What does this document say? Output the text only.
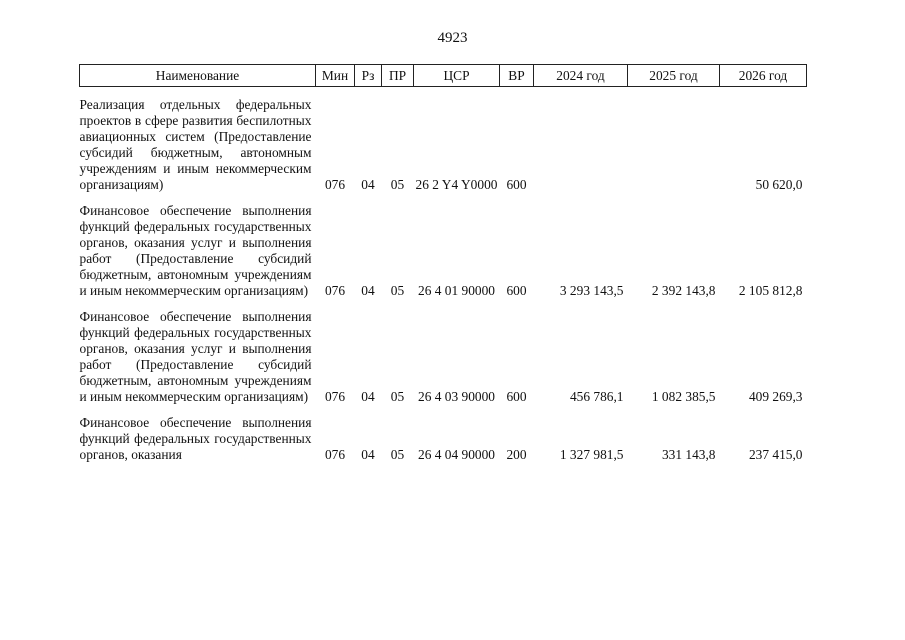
4923
Наименование	Мин	Рз	ПР	ЦСР	ВР	2024 год	2025 год	2026 год

Реализация отдельных федеральных проектов в сфере развития беспилотных авиационных систем (Предоставление субсидий бюджетным, автономным учреждениям и иным некоммерческим организациям)	076	04	05	26 2 Y4 Y0000	600			50 620,0

Финансовое обеспечение выполнения функций федеральных государственных органов, оказания услуг и выполнения работ (Предоставление субсидий бюджетным, автономным учреждениям и иным некоммерческим организациям)	076	04	05	26 4 01 90000	600	3 293 143,5	2 392 143,8	2 105 812,8

Финансовое обеспечение выполнения функций федеральных государственных органов, оказания услуг и выполнения работ (Предоставление субсидий бюджетным, автономным учреждениям и иным некоммерческим организациям)	076	04	05	26 4 03 90000	600	456 786,1	1 082 385,5	409 269,3

Финансовое обеспечение выполнения функций федеральных государственных органов, оказания	076	04	05	26 4 04 90000	200	1 327 981,5	331 143,8	237 415,0
